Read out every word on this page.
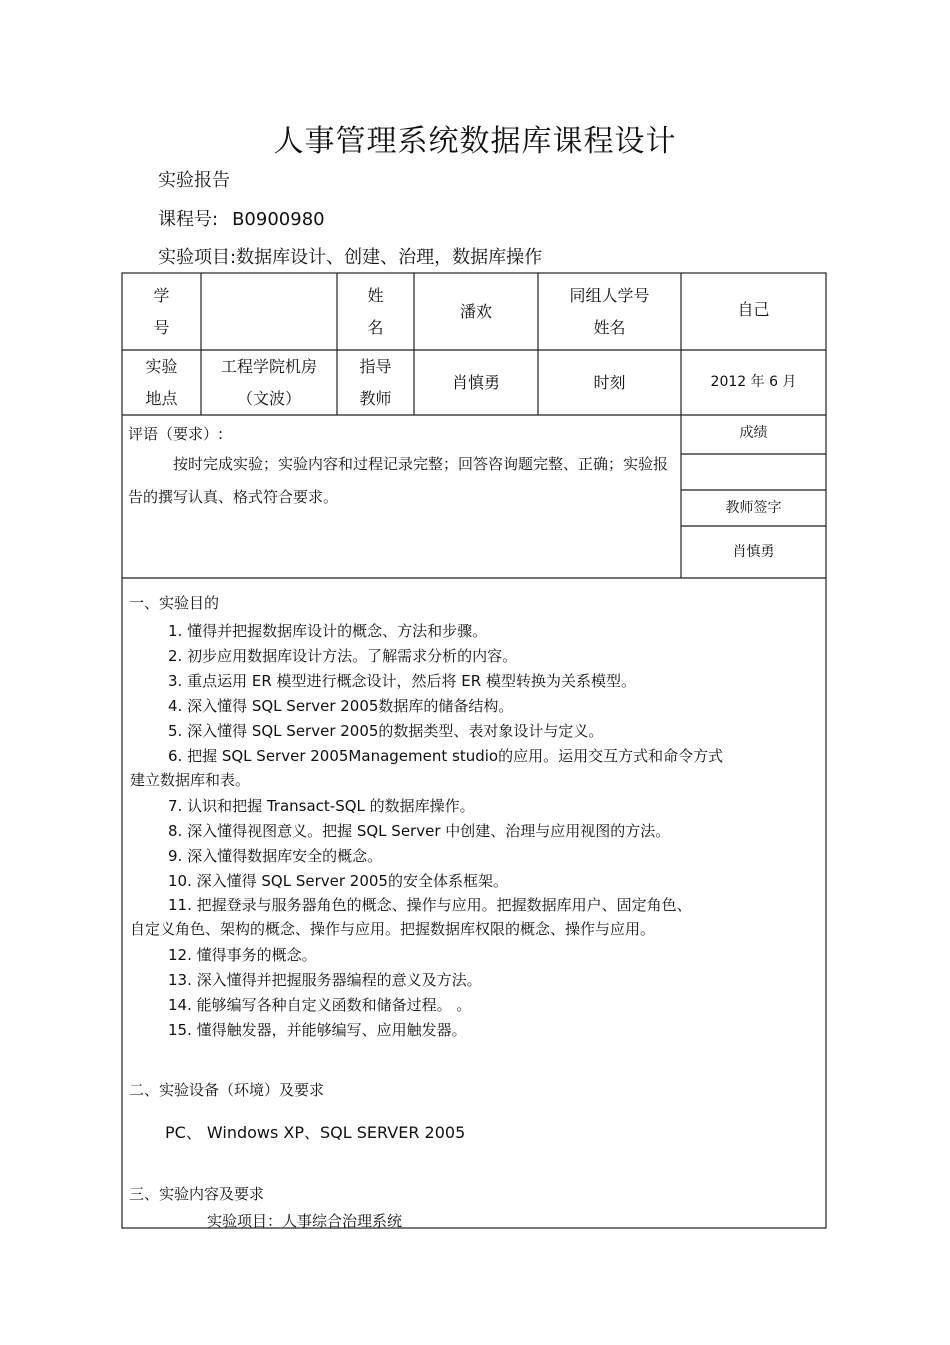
人事管理系统数据库课程设计
实验报告
课程号: B0900980
实验项目:数据库设计、创建、治理，数据库操作
学
号
姓
名
潘欢
同组人学号
姓名
自己
实验
地点
工程学院机房
（文波）
指导
教师
肖慎勇	时刻	2012 年 6 月
评语（要求）:
按时完成实验；实验内容和过程记录完整；回答咨询题完整、正确；实验报告的撰写认真、格式符合要求。
成绩
教师签字
肖慎勇
一、实验目的
1. 懂得并把握数据库设计的概念、方法和步骤。
2. 初步应用数据库设计方法。了解需求分析的内容。
3. 重点运用 ER 模型进行概念设计，然后将 ER 模型转换为关系模型。
4. 深入懂得 SQL Server 2005数据库的储备结构。
5. 深入懂得 SQL Server 2005的数据类型、表对象设计与定义。
6. 把握 SQL Server 2005Management studio的应用。运用交互方式和命令方式
建立数据库和表。
7. 认识和把握 Transact-SQL 的数据库操作。
8. 深入懂得视图意义。把握 SQL Server 中创建、治理与应用视图的方法。
9. 深入懂得数据库安全的概念。
10. 深入懂得 SQL Server 2005的安全体系框架。
11. 把握登录与服务器角色的概念、操作与应用。把握数据库用户、固定角色、
自定义角色、架构的概念、操作与应用。把握数据库权限的概念、操作与应用。
12. 懂得事务的概念。
13. 深入懂得并把握服务器编程的意义及方法。
14. 能够编写各种自定义函数和储备过程。 。
15. 懂得触发器，并能够编写、应用触发器。
二、实验设备（环境）及要求
PC、 Windows XP、SQL SERVER 2005
三、实验内容及要求
实验项目：人事综合治理系统
